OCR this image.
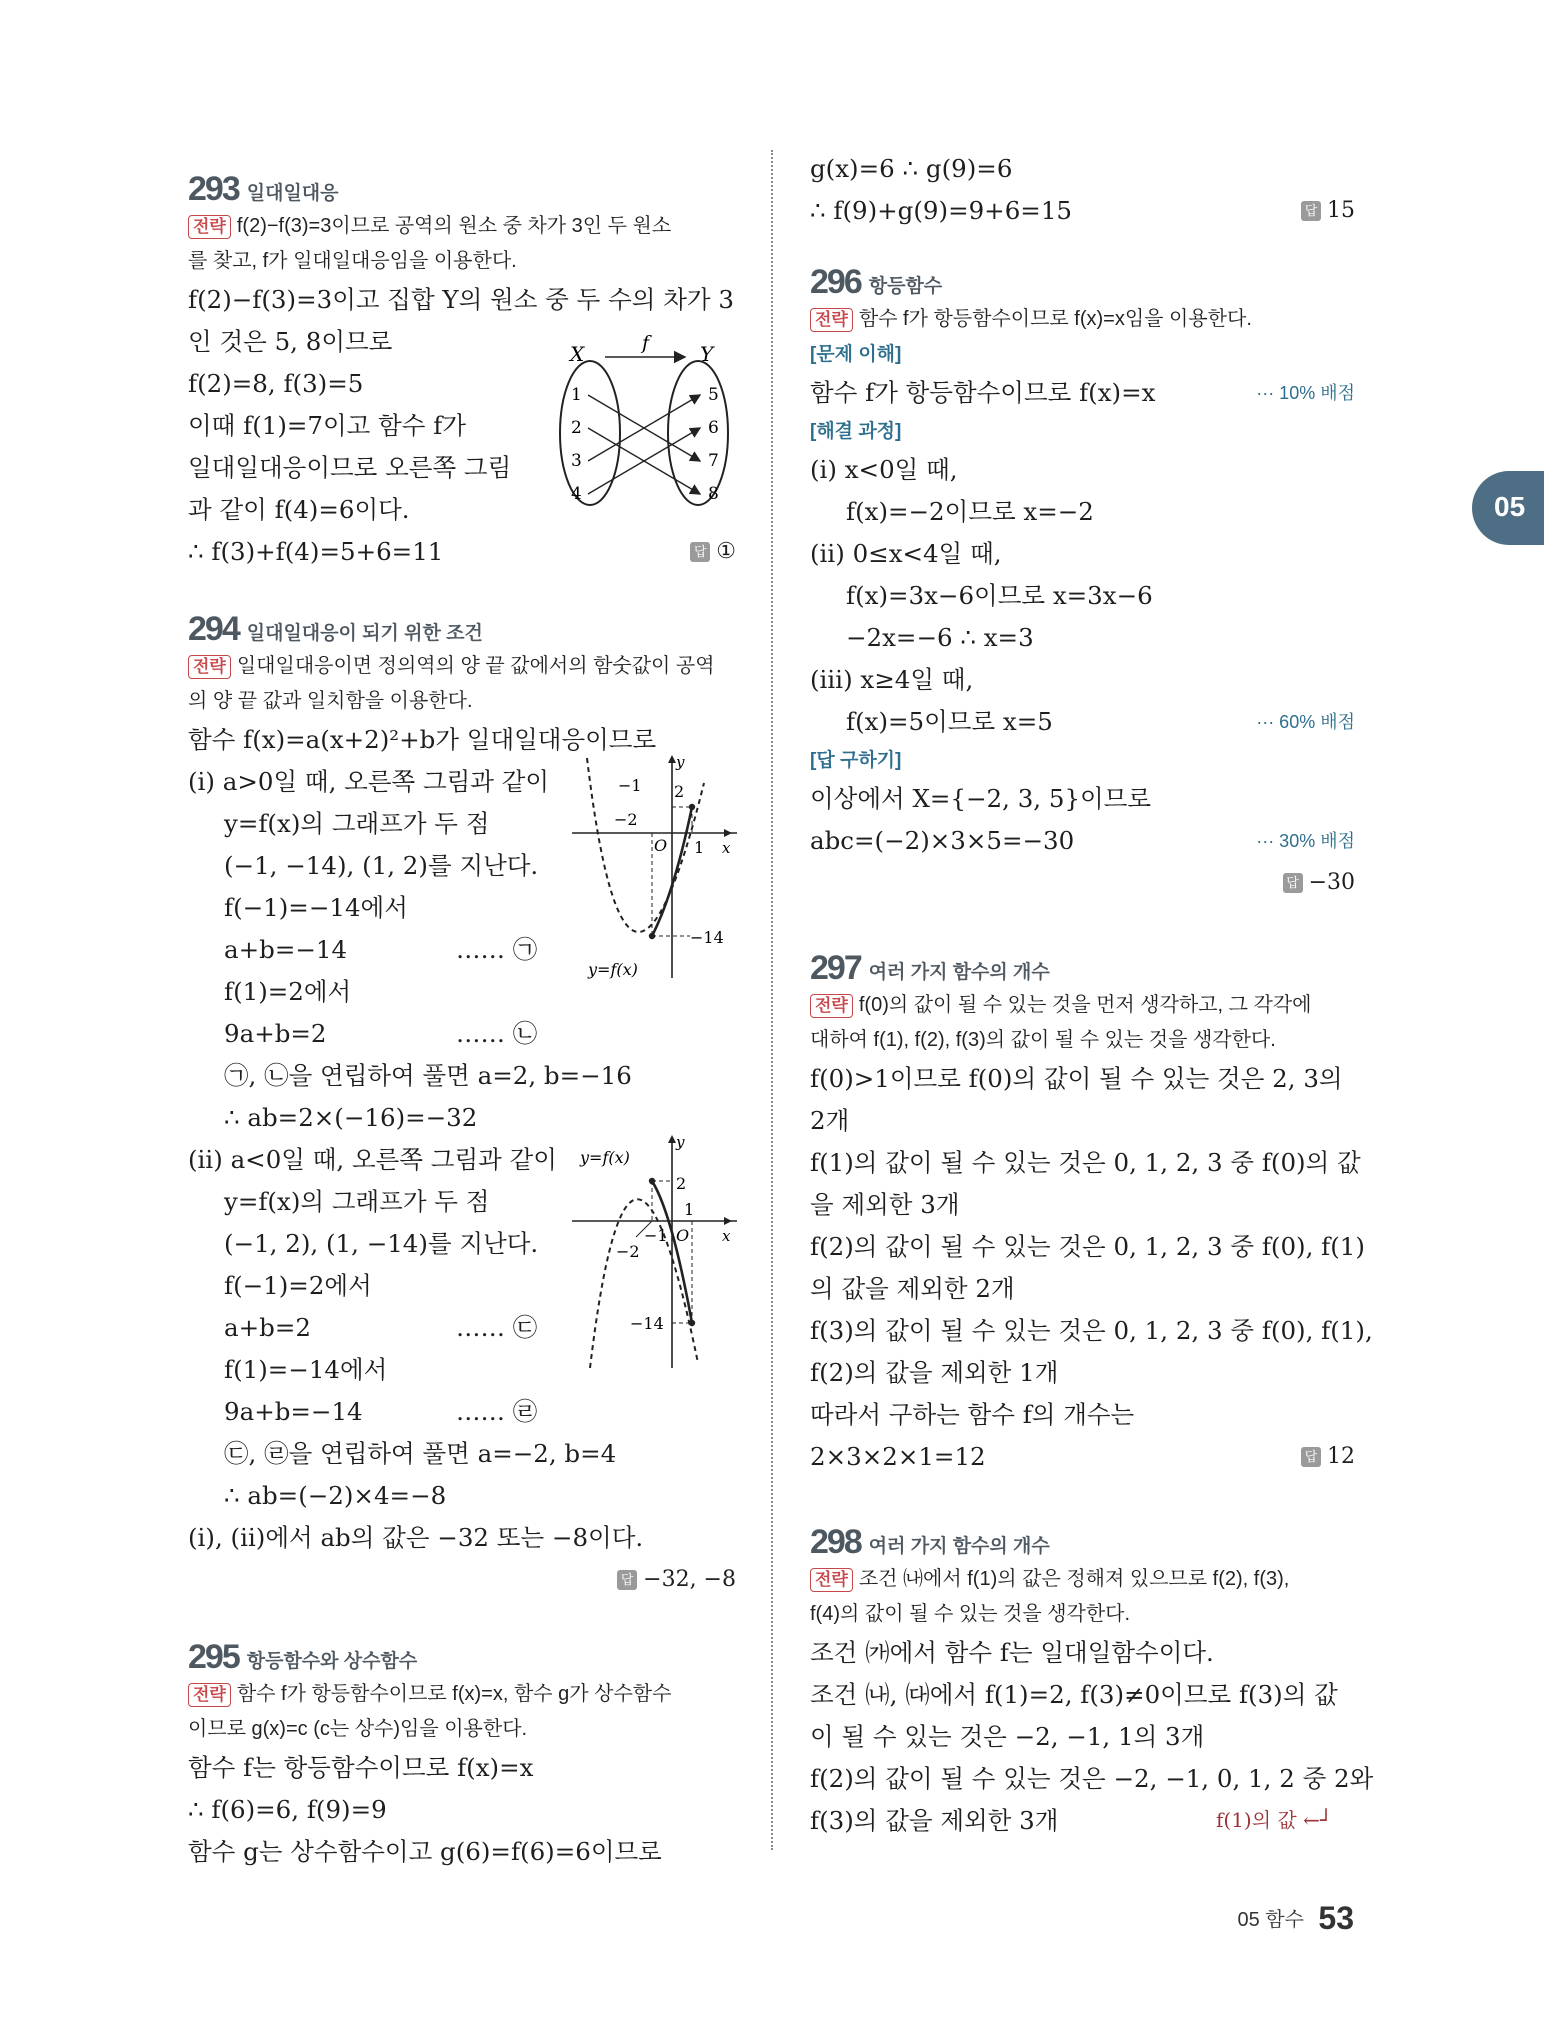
293 일대일대응
전략 f(2)−f(3)=3이므로 공역의 원소 중 차가 3인 두 원소
를 찾고, f가 일대일대응임을 이용한다.
f(2)−f(3)=3이고 집합 Y의 원소 중 두 수의 차가 3
인 것은 5, 8이므로
f(2)=8, f(3)=5
이때 f(1)=7이고 함수 f가
일대일대응이므로 오른쪽 그림
과 같이 f(4)=6이다.
∴ f(3)+f(4)=5+6=11	답 ①
294 일대일대응이 되기 위한 조건
전략 일대일대응이면 정의역의 양 끝 값에서의 함숫값이 공역
의 양 끝 값과 일치함을 이용한다.
함수 f(x)=a(x+2)²+b가 일대일대응이므로
(ⅰ) a>0일 때, 오른쪽 그림과 같이
y=f(x)의 그래프가 두 점
(−1, −14), (1, 2)를 지난다.
f(−1)=−14에서
a+b=−14	…… ㉠
f(1)=2에서
9a+b=2	…… ㉡
㉠, ㉡을 연립하여 풀면 a=2, b=−16
∴ ab=2×(−16)=−32
(ⅱ) a<0일 때, 오른쪽 그림과 같이
y=f(x)의 그래프가 두 점
(−1, 2), (1, −14)를 지난다.
f(−1)=2에서
a+b=2	…… ㉢
f(1)=−14에서
9a+b=−14	…… ㉣
㉢, ㉣을 연립하여 풀면 a=−2, b=4
∴ ab=(−2)×4=−8
(ⅰ), (ⅱ)에서 ab의 값은 −32 또는 −8이다.
답 −32, −8
295 항등함수와 상수함수
전략 함수 f가 항등함수이므로 f(x)=x, 함수 g가 상수함수
이므로 g(x)=c (c는 상수)임을 이용한다.
함수 f는 항등함수이므로 f(x)=x
∴ f(6)=6, f(9)=9
함수 g는 상수함수이고 g(6)=f(6)=6이므로
X	Y
f
1
2
3
4
5
6
7
8
y
x
O
−1 2
−2
1
−14
y=f(x)
y
x
O
y=f(x)
2
1
−1
−2
−14
g(x)=6 ∴ g(9)=6
∴ f(9)+g(9)=9+6=15	답 15
296 항등함수
전략 함수 f가 항등함수이므로 f(x)=x임을 이용한다.
[문제 이해]
함수 f가 항등함수이므로 f(x)=x	··· 10% 배점
[해결 과정]
(ⅰ) x<0일 때,
f(x)=−2이므로 x=−2
(ⅱ) 0≤x<4일 때,
f(x)=3x−6이므로 x=3x−6
−2x=−6 ∴ x=3
(ⅲ) x≥4일 때,
f(x)=5이므로 x=5	··· 60% 배점
[답 구하기]
이상에서 X={−2, 3, 5}이므로
abc=(−2)×3×5=−30	··· 30% 배점
답 −30
297 여러 가지 함수의 개수
전략 f(0)의 값이 될 수 있는 것을 먼저 생각하고, 그 각각에
대하여 f(1), f(2), f(3)의 값이 될 수 있는 것을 생각한다.
f(0)>1이므로 f(0)의 값이 될 수 있는 것은 2, 3의
2개
f(1)의 값이 될 수 있는 것은 0, 1, 2, 3 중 f(0)의 값
을 제외한 3개
f(2)의 값이 될 수 있는 것은 0, 1, 2, 3 중 f(0), f(1)
의 값을 제외한 2개
f(3)의 값이 될 수 있는 것은 0, 1, 2, 3 중 f(0), f(1),
f(2)의 값을 제외한 1개
따라서 구하는 함수 f의 개수는
2×3×2×1=12	답 12
298 여러 가지 함수의 개수
전략 조건 ㈏에서 f(1)의 값은 정해져 있으므로 f(2), f(3),
f(4)의 값이 될 수 있는 것을 생각한다.
조건 ㈎에서 함수 f는 일대일함수이다.
조건 ㈏, ㈐에서 f(1)=2, f(3)≠0이므로 f(3)의 값
이 될 수 있는 것은 −2, −1, 1의 3개
f(2)의 값이 될 수 있는 것은 −2, −1, 0, 1, 2 중 2와
f(3)의 값을 제외한 3개	f(1)의 값 ←┘
05
05 함수 53
